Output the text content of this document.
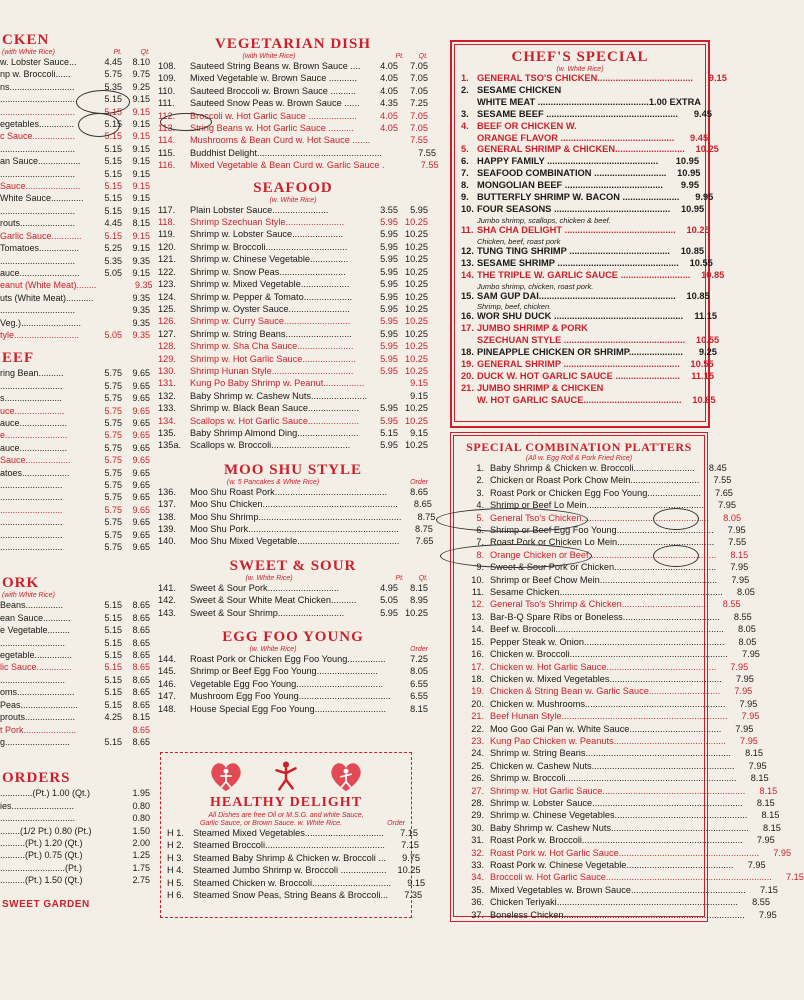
CKEN
(with White Rice)	Pt.	Qt.
w. Lobster Sauce...	4.45	8.10
np w. Broccoli......	5.75	9.75
ns..........................	5.35	9.25
..............................	5.15	9.15
..............................	5.15	9.15
egetables..............	5.15	9.15
c Sauce.................	5.15	9.15
..............................	5.15	9.15
an Sauce.................	5.15	9.15
..............................	5.15	9.15
Sauce......................	5.15	9.15
White Sauce.............	5.15	9.15
..............................	5.15	9.15
routs......................	4.45	8.15
Garlic Sauce............	5.15	9.15
Tomatoes................	5.25	9.15
..............................	5.35	9.35
auce........................	5.05	9.15
eanut (White Meat)........	9.35
uts (White Meat)...........	9.35
..............................	9.35
Veg.)........................	9.35
tyle..........................	5.05	9.35
EEF
ring Bean..........	5.75	9.65
.........................	5.75	9.65
s.......................	5.75	9.65
uce....................	5.75	9.65
auce...................	5.75	9.65
e.........................	5.75	9.65
auce...................	5.75	9.65
Sauce..................	5.75	9.65
atoes...................	5.75	9.65
.........................	5.75	9.65
.........................	5.75	9.65
.........................	5.75	9.65
.........................	5.75	9.65
.........................	5.75	9.65
.........................	5.75	9.65
ORK
(with White Rice)
Beans...............	5.15	8.65
ean Sauce...........	5.15	8.65
e Vegetable.........	5.15	8.65
..........................	5.15	8.65
egetable...............	5.15	8.65
lic Sauce..............	5.15	8.65
..........................	5.15	8.65
oms.......................	5.15	8.65
Peas.......................	5.15	8.65
prouts....................	4.25	8.15
t Pork.....................	8.65
g..........................	5.15	8.65
ORDERS
.............(Pt.) 1.00 (Qt.)	1.95
ies.........................	0.80
..............................	0.80
........(1/2 Pt.) 0.80 (Pt.)	1.50
..........(Pt.) 1.20 (Qt.)	2.00
..........(Pt.) 0.75 (Qt.)	1.25
..........................(Pt.)	1.75
..........(Pt.) 1.50 (Qt.)	2.75
SWEET GARDEN
VEGETARIAN DISH
(with White Rice)	Pt.	Qt.
108.	Sauteed String Beans w. Brown Sauce ....	4.05	7.05
109.	Mixed Vegetable w. Brown Sauce ...........	4.05	7.05
110.	Sauteed Broccoli w. Brown Sauce ..........	4.05	7.05
111.	Sauteed Snow Peas w. Brown Sauce ......	4.35	7.25
112.	Broccoli w. Hot Garlic Sauce ...................	4.05	7.05
113.	String Beans w. Hot Garlic Sauce ..........	4.05	7.05
114.	Mushrooms & Bean Curd w. Hot Sauce .......	7.55
115.	Buddhist Delight.................................................	7.55
116.	Mixed Vegetable & Bean Curd w. Garlic Sauce .	7.55
SEAFOOD
(w. White Rice)
117.	Plain Lobster Sauce......................	3.55	5.95
118.	Shrimp Szechuan Style.......................	5.95 10.25
119.	Shrimp w. Lobster Sauce....................	5.95 10.25
120.	Shrimp w. Broccoli................................	5.95 10.25
121.	Shrimp w. Chinese Vegetable...............	5.95 10.25
122.	Shrimp w. Snow Peas..........................	5.95 10.25
123.	Shrimp w. Mixed Vegetable...................	5.95 10.25
124.	Shrimp w. Pepper & Tomato...................	5.95 10.25
125.	Shrimp w. Oyster Sauce........................	5.95 10.25
126.	Shrimp w. Curry Sauce..........................	5.95 10.25
127.	Shrimp w. String Beans..........................	5.95 10.25
128.	Shrimp w. Sha Cha Sauce......................	5.95 10.25
129.	Shrimp w. Hot Garlic Sauce.....................	5.95 10.25
130.	Shrimp Hunan Style................................	5.95 10.25
131.	Kung Po Baby Shrimp w. Peanut................	9.15
132.	Baby Shrimp w. Cashew Nuts......................	9.15
133.	Shrimp w. Black Bean Sauce....................	5.95 10.25
134.	Scallops w. Hot Garlic Sauce....................	5.95 10.25
135.	Baby Shrimp Almond Ding........................	5.15	9.15
135a. Scallops w. Broccoli...............................	5.95 10.25
MOO SHU STYLE
(w. 5 Pancakes & White Rice)	Order
136.	Moo Shu Roast Pork............................................	8.65
137.	Moo Shu Chicken.....................................................	8.65
138.	Moo Shu Shrimp........................................................	8.75
139.	Moo Shu Pork...........................................................	8.75
140.	Moo Shu Mixed Vegetable........................................	7.65
SWEET & SOUR
(w. White Rice)	Pt.	Qt.
141.	Sweet & Sour Pork............................	4.95	8.15
142.	Sweet & Sour White Meat Chicken..........	5.05	8.95
143.	Sweet & Sour Shrimp..........................	5.95 10.25
EGG FOO YOUNG
(w. White Rice)	Order
144.	Roast Pork or Chicken Egg Foo Young...............	7.25
145.	Shrimp or Beef Egg Foo Young........................	8.05
146.	Vegetable Egg Foo Young..................................	6.55
147.	Mushroom Egg Foo Young....................................	6.55
148.	House Special Egg Foo Young............................	8.15
HEALTHY DELIGHT
All Dishes are free Oil or M.S.G. and white Sauce,
Garlic Sauce, or Brown Sauce. w. White Rice.	Order
H 1. Steamed Mixed Vegetables...............................	7.15
H 2. Steamed Broccoli...............................................	7.15
H 3. Steamed Baby Shrimp & Chicken w. Broccoli ...	9.75
H 4. Steamed Jumbo Shrimp w. Broccoli ..................	10.25
H 5. Steamed Chicken w. Broccoli...............................	9.15
H 6. Steamed Snow Peas, String Beans & Broccoli...	7.35
CHEF'S SPECIAL
(w. White Rice)
1. GENERAL TSO'S CHICKEN.....................................	9.15
2. SESAME CHICKEN
WHITE MEAT ...........................................1.00 EXTRA
3. SESAME BEEF ...................................................	9.45
4. BEEF OR CHICKEN W.
ORANGE FLAVOR ............................................	9.45
5. GENERAL SHRIMP & CHICKEN...........................	10.25
6. HAPPY FAMILY ...........................................	10.95
7. SEAFOOD COMBINATION ............................	10.95
8. MONGOLIAN BEEF ......................................	9.95
9. BUTTERFLY SHRIMP W. BACON ......................	9.95
10. FOUR SEASONS .............................................	10.95
Jumbo shrimp, scallops, chicken & beef.
11. SHA CHA DELIGHT ...........................................	10.25
Chicken, beef, roast pork
12. TUNG TING SHRIMP .......................................	10.85
13. SESAME SHRIMP ...............................................	10.55
14. THE TRIPLE W. GARLIC SAUCE ...........................	10.85
Jumbo shrimp, chicken, roast pork.
15. SAM GUP DAI.....................................................	10.85
Shrimp, beef, chicken.
16. WOR SHU DUCK ..................................................	11.15
17. JUMBO SHRIMP & PORK
SZECHUAN STYLE ...............................................	10.55
18. PINEAPPLE CHICKEN OR SHRIMP.....................	9.25
19. GENERAL SHRIMP .............................................	10.55
20. DUCK W. HOT GARLIC SAUCE .........................	11.15
21. JUMBO SHRIMP & CHICKEN
W. HOT GARLIC SAUCE......................................	10.85
SPECIAL COMBINATION PLATTERS
(All w. Egg Roll & Pork Fried Rice)
1. Baby Shrimp & Chicken w. Broccoli........................	8.45
2. Chicken or Roast Pork Chow Mein...........................	7.55
3. Roast Pork or Chicken Egg Foo Young.....................	7.65
4. Shrimp or Beef Lo Mein..............................................	7.95
5. General Tso's Chicken..................................................	8.05
6. Shrimp or Beef Egg Foo Young......................................	7.95
7. Roast Pork or Chicken Lo Mein......................................	7.55
8. Orange Chicken or Beef..................................................	8.15
9. Sweet & Sour Pork or Chicken........................................	7.95
10. Shrimp or Beef Chow Mein..............................................	7.95
11. Sesame Chicken................................................................	8.05
12. General Tso's Shrimp & Chicken..................................	8.55
13. Bar-B-Q Spare Ribs or Boneless......................................	8.55
14. Beef w. Broccoli..................................................................	8.05
15. Pepper Steak w. Onion.......................................................	8.05
16. Chicken w. Broccoli..............................................................	7.95
17. Chicken w. Hot Garlic Sauce...........................................	7.95
18. Chicken w. Mixed Vegetables............................................	7.95
19. Chicken & String Bean w. Garlic Sauce............................	7.95
20. Chicken w. Mushrooms.......................................................	7.95
21. Beef Hunan Style.................................................................	7.95
22. Moo Goo Gai Pan w. White Sauce....................................	7.95
23. Kung Pao Chicken w. Peanuts............................................	7.95
24. Shrimp w. String Beans.........................................................	8.15
25. Chicken w. Cashew Nuts........................................................	7.95
26. Shrimp w. Broccoli...................................................................	8.15
27. Shrimp w. Hot Garlic Sauce........................................................	8.15
28. Shrimp w. Lobster Sauce...........................................................	8.15
29. Shrimp w. Chinese Vegetables....................................................	8.15
30. Baby Shrimp w. Cashew Nuts......................................................	8.15
31. Roast Pork w. Broccoli...............................................................	7.95
32. Roast Pork w. Hot Garlic Sauce.......................................................	7.95
33. Roast Pork w. Chinese Vegetable..........................................	7.95
34. Broccoli w. Hot Garlic Sauce.................................................................	7.15
35. Mixed Vegetables w. Brown Sauce.............................................	7.15
36. Chicken Teriyaki.......................................................................	8.55
37. Boneless Chicken.......................................................................	7.95
